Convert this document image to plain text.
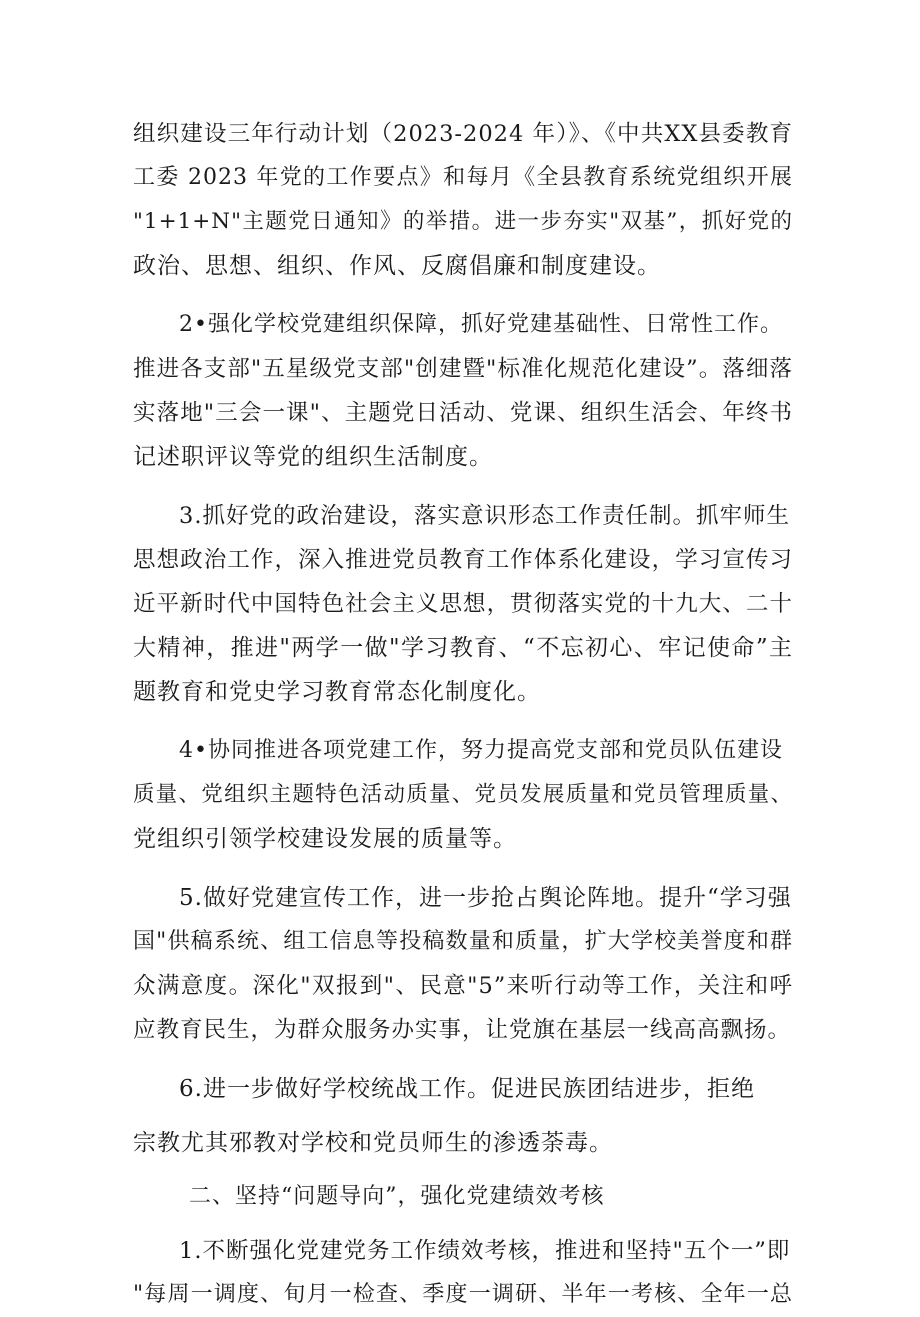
组织建设三年行动计划（2023-2024 年）》、《中共XX县委教育
工委 2023 年党的工作要点》和每月《全县教育系统党组织开展
"1+1+N"主题党日通知》的举措。进一步夯实"双基”，抓好党的
政治、思想、组织、作风、反腐倡廉和制度建设。
2•强化学校党建组织保障，抓好党建基础性、日常性工作。
推进各支部"五星级党支部"创建暨"标准化规范化建设”。落细落
实落地"三会一课"、主题党日活动、党课、组织生活会、年终书
记述职评议等党的组织生活制度。
3.抓好党的政治建设，落实意识形态工作责任制。抓牢师生
思想政治工作，深入推进党员教育工作体系化建设，学习宣传习
近平新时代中国特色社会主义思想，贯彻落实党的十九大、二十
大精神，推进"两学一做"学习教育、“不忘初心、牢记使命”主
题教育和党史学习教育常态化制度化。
4•协同推进各项党建工作，努力提高党支部和党员队伍建设
质量、党组织主题特色活动质量、党员发展质量和党员管理质量、
党组织引领学校建设发展的质量等。
5.做好党建宣传工作，进一步抢占舆论阵地。提升“学习强
国"供稿系统、组工信息等投稿数量和质量，扩大学校美誉度和群
众满意度。深化"双报到"、民意"5”来听行动等工作，关注和呼
应教育民生，为群众服务办实事，让党旗在基层一线高高飘扬。
6.进一步做好学校统战工作。促进民族团结进步，拒绝
宗教尤其邪教对学校和党员师生的渗透荼毒。
二、坚持“问题导向”，强化党建绩效考核
1.不断强化党建党务工作绩效考核，推进和坚持"五个一”即
"每周一调度、旬月一检查、季度一调研、半年一考核、全年一总
